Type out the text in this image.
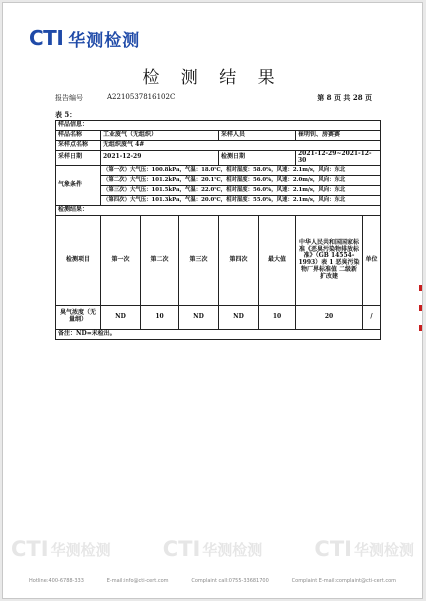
CTI 华测检测
检 测 结 果
报告编号	A2210537816102C	第 8 页 共 28 页
表 5：
样品信息：							
样品名称	工业废气（无组织）			采样人员		崔明钊、房赛赛	
采样点名称	无组织废气 4#						
采样日期	2021-12-29			检测日期		2021-12-29~2021-12-30	
气象条件	（第一次）大气压：100.8kPa，气温：18.0℃，相对湿度：58.0%，风速：2.1m/s，风向：东北						
	（第二次）大气压：101.2kPa，气温：20.1℃，相对湿度：56.0%，风速：2.0m/s，风向：东北						
	（第三次）大气压：101.5kPa，气温：22.0℃，相对湿度：56.0%，风速：2.1m/s，风向：东北						
	（第四次）大气压：101.3kPa，气温：20.0℃，相对湿度：55.0%，风速：2.1m/s，风向：东北						
检测结果：							
检测项目	第一次	第二次	第三次	第四次	最大值	中华人民共和国国家标准《恶臭污染物排放标准》（GB 14554-1993）表 1 恶臭污染物厂界标准值 二级新扩改建	单位
臭气浓度（无量纲）	ND	10	ND	ND	10	20	/
备注：ND=未检出。							
CTI 华测检测 CTI 华测检测 CTI 华测检测
Hotline:400-6788-333	E-mail:info@cti-cert.com	Complaint call:0755-33681700	Complaint E-mail:complaint@cti-cert.com
